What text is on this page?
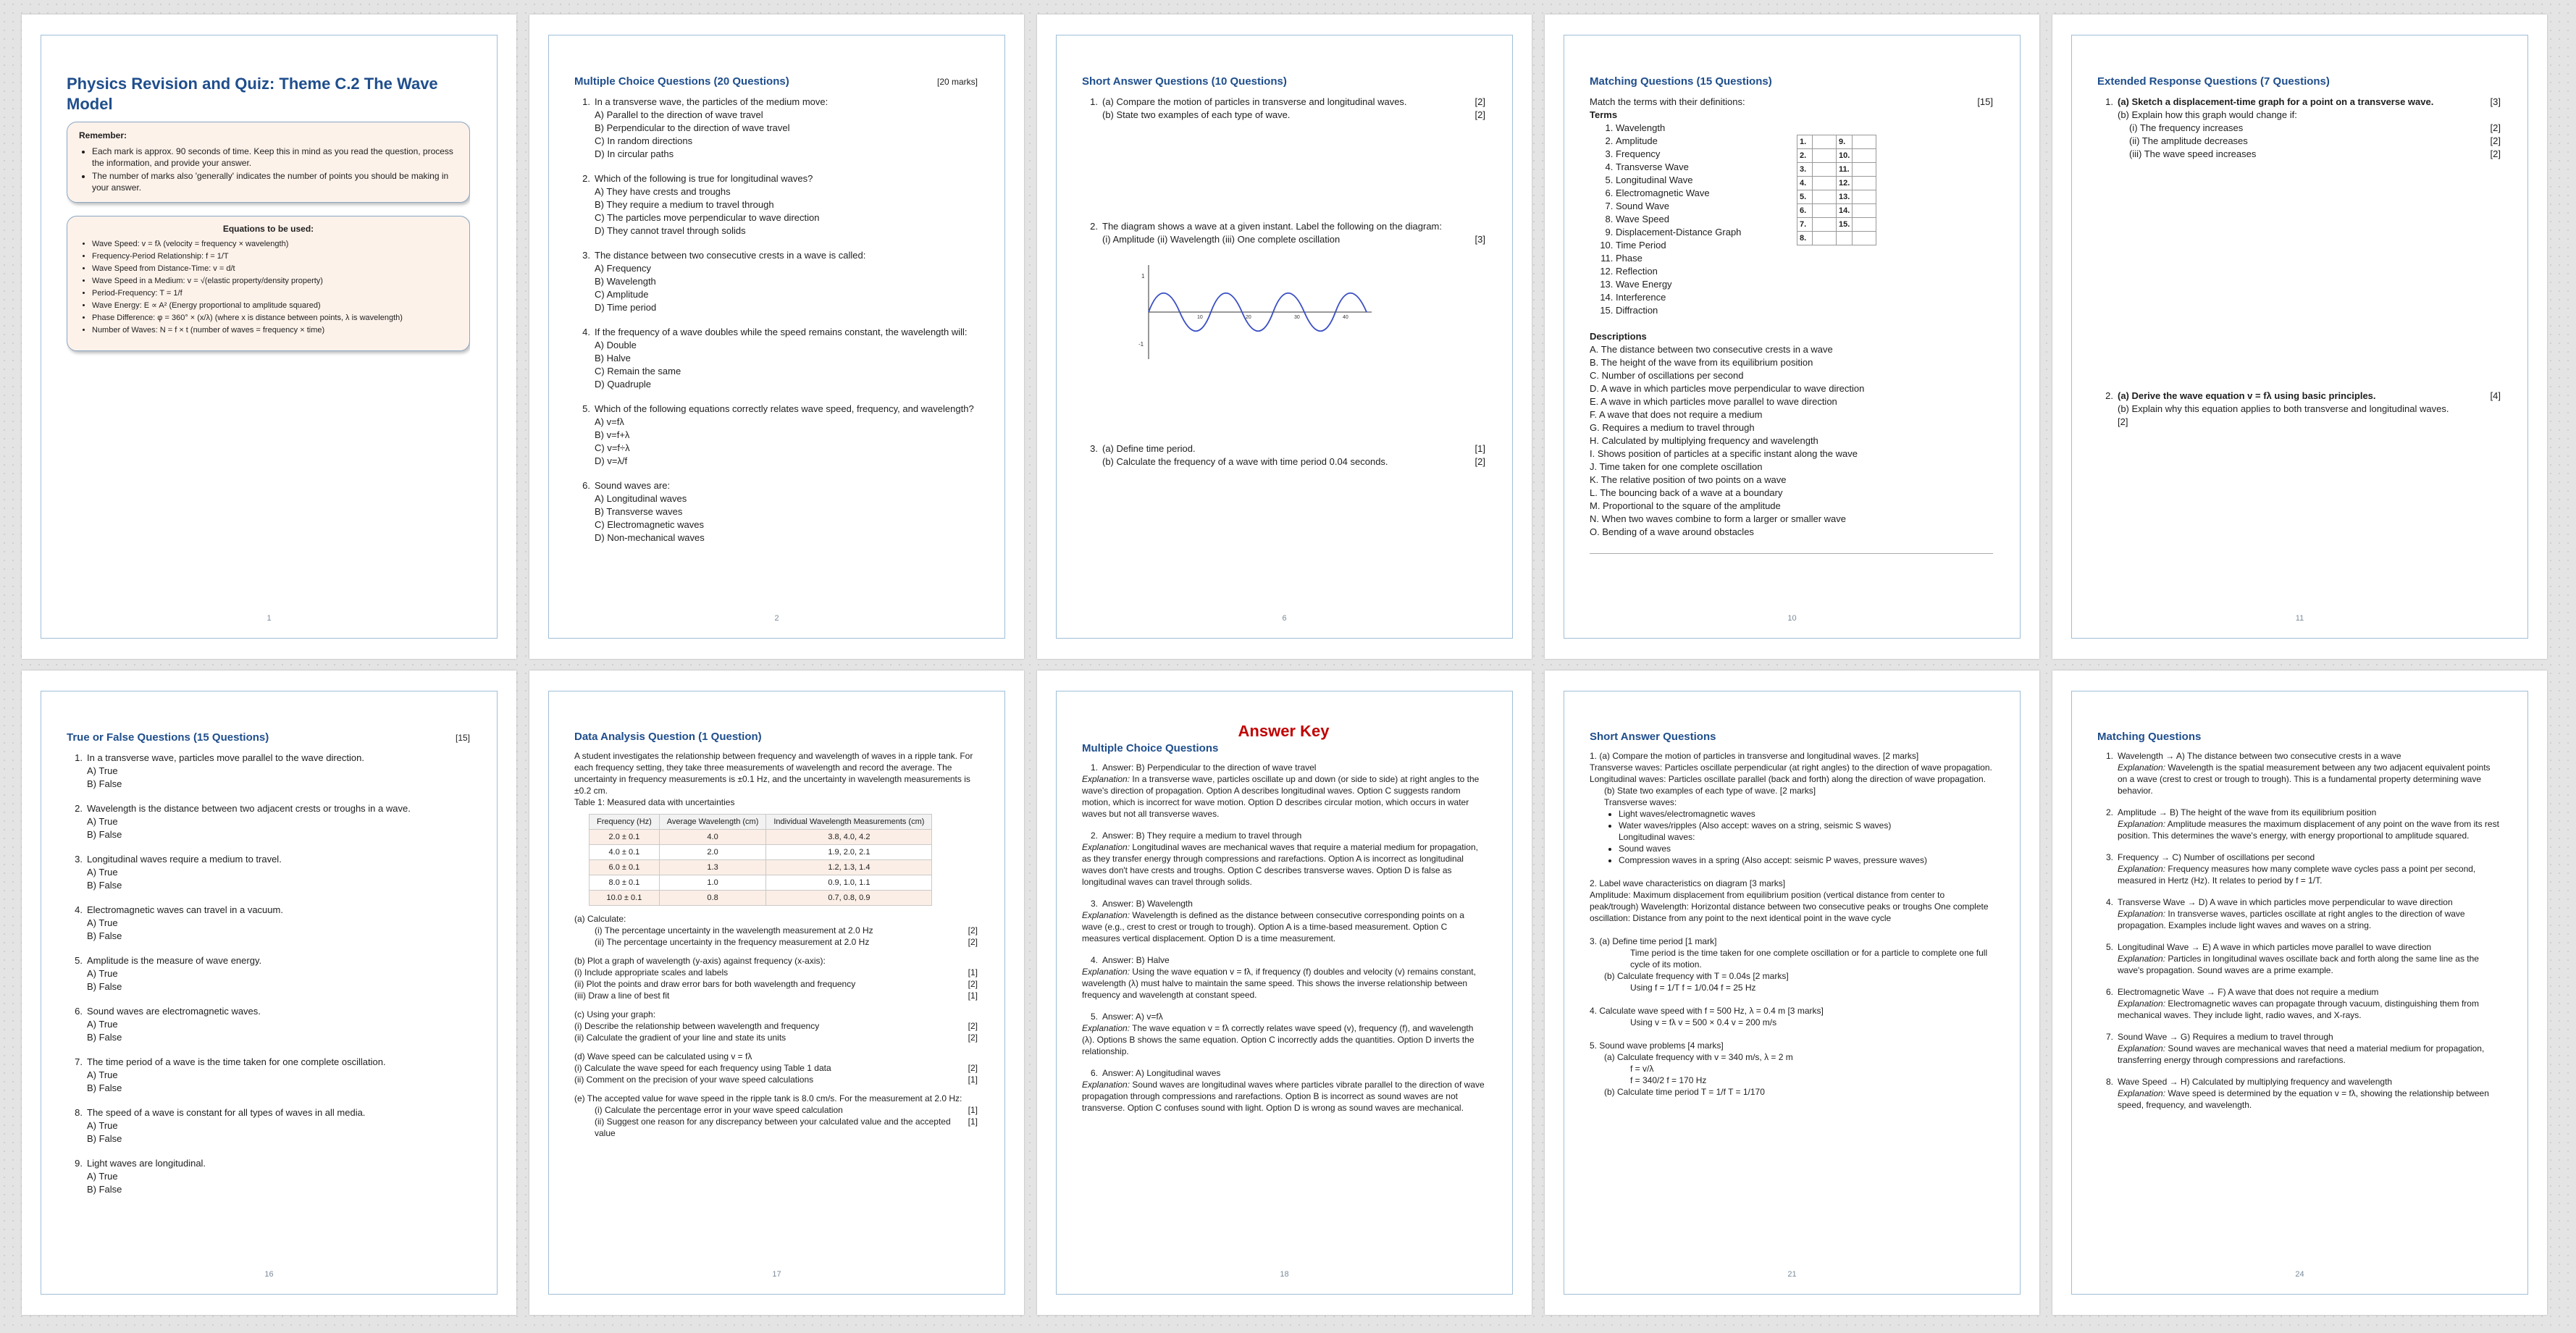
Physics Revision and Quiz: Theme C.2 The Wave Model
Remember:
• Each mark is approx. 90 seconds of time. Keep this in mind as you read the question, process the information, and provide your answer.
• The number of marks also 'generally' indicates the number of points you should be making in your answer.
Equations to be used:
• Wave Speed: v = fλ (velocity = frequency × wavelength)
• Frequency-Period Relationship: f = 1/T
• Wave Speed from Distance-Time: v = d/t
• Wave Speed in a Medium: v = √(elastic property/density property)
• Period-Frequency: T = 1/f
• Wave Energy: E ∝ A² (Energy proportional to amplitude squared)
• Phase Difference: φ = 360° × (x/λ) (where x is distance between points, λ is wavelength)
• Number of Waves: N = f × t (number of waves = frequency × time)
1
Multiple Choice Questions (20 Questions)	[20 marks]
1. In a transverse wave, the particles of the medium move:
A) Parallel to the direction of wave travel
B) Perpendicular to the direction of wave travel
C) In random directions
D) In circular paths
2. Which of the following is true for longitudinal waves?
A) They have crests and troughs
B) They require a medium to travel through
C) The particles move perpendicular to wave direction
D) They cannot travel through solids
3. The distance between two consecutive crests in a wave is called:
A) Frequency
B) Wavelength
C) Amplitude
D) Time period
4. If the frequency of a wave doubles while the speed remains constant, the wavelength will:
A) Double
B) Halve
C) Remain the same
D) Quadruple
5. Which of the following equations correctly relates wave speed, frequency, and wavelength?
A) v=fλ
B) v=f+λ
C) v=f÷λ
D) v=λ/f
6. Sound waves are:
A) Longitudinal waves
B) Transverse waves
C) Electromagnetic waves
D) Non-mechanical waves
2
Short Answer Questions (10 Questions)
1. (a) Compare the motion of particles in transverse and longitudinal waves.	[2]
(b) State two examples of each type of wave.	[2]
2. The diagram shows a wave at a given instant. Label the following on the diagram:
(i) Amplitude (ii) Wavelength (iii) One complete oscillation	[3]
1
-1
10	20	30	40
3. (a) Define time period.	[1]
(b) Calculate the frequency of a wave with time period 0.04 seconds.	[2]
6
Matching Questions (15 Questions)
Match the terms with their definitions:	[15]
Terms
1. Wavelength
2. Amplitude
3. Frequency
4. Transverse Wave
5. Longitudinal Wave
6. Electromagnetic Wave
7. Sound Wave
8. Wave Speed
9. Displacement-Distance Graph
10. Time Period
11. Phase
12. Reflection
13. Wave Energy
14. Interference
15. Diffraction
1.		9.	
2.		10.	
3.		11.	
4.		12.	
5.		13.	
6.		14.	
7.		15.	
8.			
Descriptions
A. The distance between two consecutive crests in a wave
B. The height of the wave from its equilibrium position
C. Number of oscillations per second
D. A wave in which particles move perpendicular to wave direction
E. A wave in which particles move parallel to wave direction
F. A wave that does not require a medium
G. Requires a medium to travel through
H. Calculated by multiplying frequency and wavelength
I. Shows position of particles at a specific instant along the wave
J. Time taken for one complete oscillation
K. The relative position of two points on a wave
L. The bouncing back of a wave at a boundary
M. Proportional to the square of the amplitude
N. When two waves combine to form a larger or smaller wave
O. Bending of a wave around obstacles
10
Extended Response Questions (7 Questions)
1. (a) Sketch a displacement-time graph for a point on a transverse wave.	[3]
(b) Explain how this graph would change if:
(i) The frequency increases	[2]
(ii) The amplitude decreases	[2]
(iii) The wave speed increases	[2]
2. (a) Derive the wave equation v = fλ using basic principles.	[4]
(b) Explain why this equation applies to both transverse and longitudinal waves.
[2]
11
True or False Questions (15 Questions)	[15]
1. In a transverse wave, particles move parallel to the wave direction.
A) True
B) False
2. Wavelength is the distance between two adjacent crests or troughs in a wave.
A) True
B) False
3. Longitudinal waves require a medium to travel.
A) True
B) False
4. Electromagnetic waves can travel in a vacuum.
A) True
B) False
5. Amplitude is the measure of wave energy.
A) True
B) False
6. Sound waves are electromagnetic waves.
A) True
B) False
7. The time period of a wave is the time taken for one complete oscillation.
A) True
B) False
8. The speed of a wave is constant for all types of waves in all media.
A) True
B) False
9. Light waves are longitudinal.
A) True
B) False
16
Data Analysis Question (1 Question)
A student investigates the relationship between frequency and wavelength of waves in a ripple tank. For each frequency setting, they take three measurements of wavelength and record the average. The uncertainty in frequency measurements is ±0.1 Hz, and the uncertainty in wavelength measurements is ±0.2 cm.
Table 1: Measured data with uncertainties
Frequency (Hz)	Average Wavelength (cm)	Individual Wavelength Measurements (cm)
2.0 ± 0.1	4.0	3.8, 4.0, 4.2
4.0 ± 0.1	2.0	1.9, 2.0, 2.1
6.0 ± 0.1	1.3	1.2, 1.3, 1.4
8.0 ± 0.1	1.0	0.9, 1.0, 1.1
10.0 ± 0.1	0.8	0.7, 0.8, 0.9
(a) Calculate:
(i) The percentage uncertainty in the wavelength measurement at 2.0 Hz	[2]
(ii) The percentage uncertainty in the frequency measurement at 2.0 Hz	[2]
(b) Plot a graph of wavelength (y-axis) against frequency (x-axis):
(i) Include appropriate scales and labels	[1]
(ii) Plot the points and draw error bars for both wavelength and frequency	[2]
(iii) Draw a line of best fit	[1]
(c) Using your graph:
(i) Describe the relationship between wavelength and frequency	[2]
(ii) Calculate the gradient of your line and state its units	[2]
(d) Wave speed can be calculated using v = fλ
(i) Calculate the wave speed for each frequency using Table 1 data	[2]
(ii) Comment on the precision of your wave speed calculations	[1]
(e) The accepted value for wave speed in the ripple tank is 8.0 cm/s. For the measurement at 2.0 Hz:
(i) Calculate the percentage error in your wave speed calculation	[1]
(ii) Suggest one reason for any discrepancy between your calculated value and the accepted value
[1]
17
Answer Key
Multiple Choice Questions
1. Answer: B) Perpendicular to the direction of wave travel
Explanation: In a transverse wave, particles oscillate up and down (or side to side) at right angles to the wave's direction of propagation. Option A describes longitudinal waves. Option C suggests random motion, which is incorrect for wave motion. Option D describes circular motion, which occurs in water waves but not all transverse waves.
2. Answer: B) They require a medium to travel through
Explanation: Longitudinal waves are mechanical waves that require a material medium for propagation, as they transfer energy through compressions and rarefactions. Option A is incorrect as longitudinal waves don't have crests and troughs. Option C describes transverse waves. Option D is false as longitudinal waves can travel through solids.
3. Answer: B) Wavelength
Explanation: Wavelength is defined as the distance between consecutive corresponding points on a wave (e.g., crest to crest or trough to trough). Option A is a time-based measurement. Option C measures vertical displacement. Option D is a time measurement.
4. Answer: B) Halve
Explanation: Using the wave equation v = fλ, if frequency (f) doubles and velocity (v) remains constant, wavelength (λ) must halve to maintain the same speed. This shows the inverse relationship between frequency and wavelength at constant speed.
5. Answer: A) v=fλ
Explanation: The wave equation v = fλ correctly relates wave speed (v), frequency (f), and wavelength (λ). Options B shows the same equation. Option C incorrectly adds the quantities. Option D inverts the relationship.
6. Answer: A) Longitudinal waves
Explanation: Sound waves are longitudinal waves where particles vibrate parallel to the direction of wave propagation through compressions and rarefactions. Option B is incorrect as sound waves are not transverse. Option C confuses sound with light. Option D is wrong as sound waves are mechanical.
18
Short Answer Questions
1. (a) Compare the motion of particles in transverse and longitudinal waves. [2 marks]
Transverse waves: Particles oscillate perpendicular (at right angles) to the direction of wave propagation. Longitudinal waves: Particles oscillate parallel (back and forth) along the direction of wave propagation.
(b) State two examples of each type of wave. [2 marks]
Transverse waves:
• Light waves/electromagnetic waves
• Water waves/ripples (Also accept: waves on a string, seismic S waves)
Longitudinal waves:
• Sound waves
• Compression waves in a spring (Also accept: seismic P waves, pressure waves)
2. Label wave characteristics on diagram [3 marks]
Amplitude: Maximum displacement from equilibrium position (vertical distance from center to peak/trough) Wavelength: Horizontal distance between two consecutive peaks or troughs One complete oscillation: Distance from any point to the next identical point in the wave cycle
3. (a) Define time period [1 mark]
Time period is the time taken for one complete oscillation or for a particle to complete one full cycle of its motion.
(b) Calculate frequency with T = 0.04s [2 marks]
Using f = 1/T f = 1/0.04 f = 25 Hz
4. Calculate wave speed with f = 500 Hz, λ = 0.4 m [3 marks]
Using v = fλ v = 500 × 0.4 v = 200 m/s
5. Sound wave problems [4 marks]
(a) Calculate frequency with v = 340 m/s, λ = 2 m
f = v/λ
f = 340/2 f = 170 Hz
(b) Calculate time period T = 1/f T = 1/170
21
Matching Questions
1. Wavelength → A) The distance between two consecutive crests in a wave
Explanation: Wavelength is the spatial measurement between any two adjacent equivalent points on a wave (crest to crest or trough to trough). This is a fundamental property determining wave behavior.
2. Amplitude → B) The height of the wave from its equilibrium position
Explanation: Amplitude measures the maximum displacement of any point on the wave from its rest position. This determines the wave's energy, with energy proportional to amplitude squared.
3. Frequency → C) Number of oscillations per second
Explanation: Frequency measures how many complete wave cycles pass a point per second, measured in Hertz (Hz). It relates to period by f = 1/T.
4. Transverse Wave → D) A wave in which particles move perpendicular to wave direction
Explanation: In transverse waves, particles oscillate at right angles to the direction of wave propagation. Examples include light waves and waves on a string.
5. Longitudinal Wave → E) A wave in which particles move parallel to wave direction
Explanation: Particles in longitudinal waves oscillate back and forth along the same line as the wave's propagation. Sound waves are a prime example.
6. Electromagnetic Wave → F) A wave that does not require a medium
Explanation: Electromagnetic waves can propagate through vacuum, distinguishing them from mechanical waves. They include light, radio waves, and X-rays.
7. Sound Wave → G) Requires a medium to travel through
Explanation: Sound waves are mechanical waves that need a material medium for propagation, transferring energy through compressions and rarefactions.
8. Wave Speed → H) Calculated by multiplying frequency and wavelength
Explanation: Wave speed is determined by the equation v = fλ, showing the relationship between speed, frequency, and wavelength.
24
